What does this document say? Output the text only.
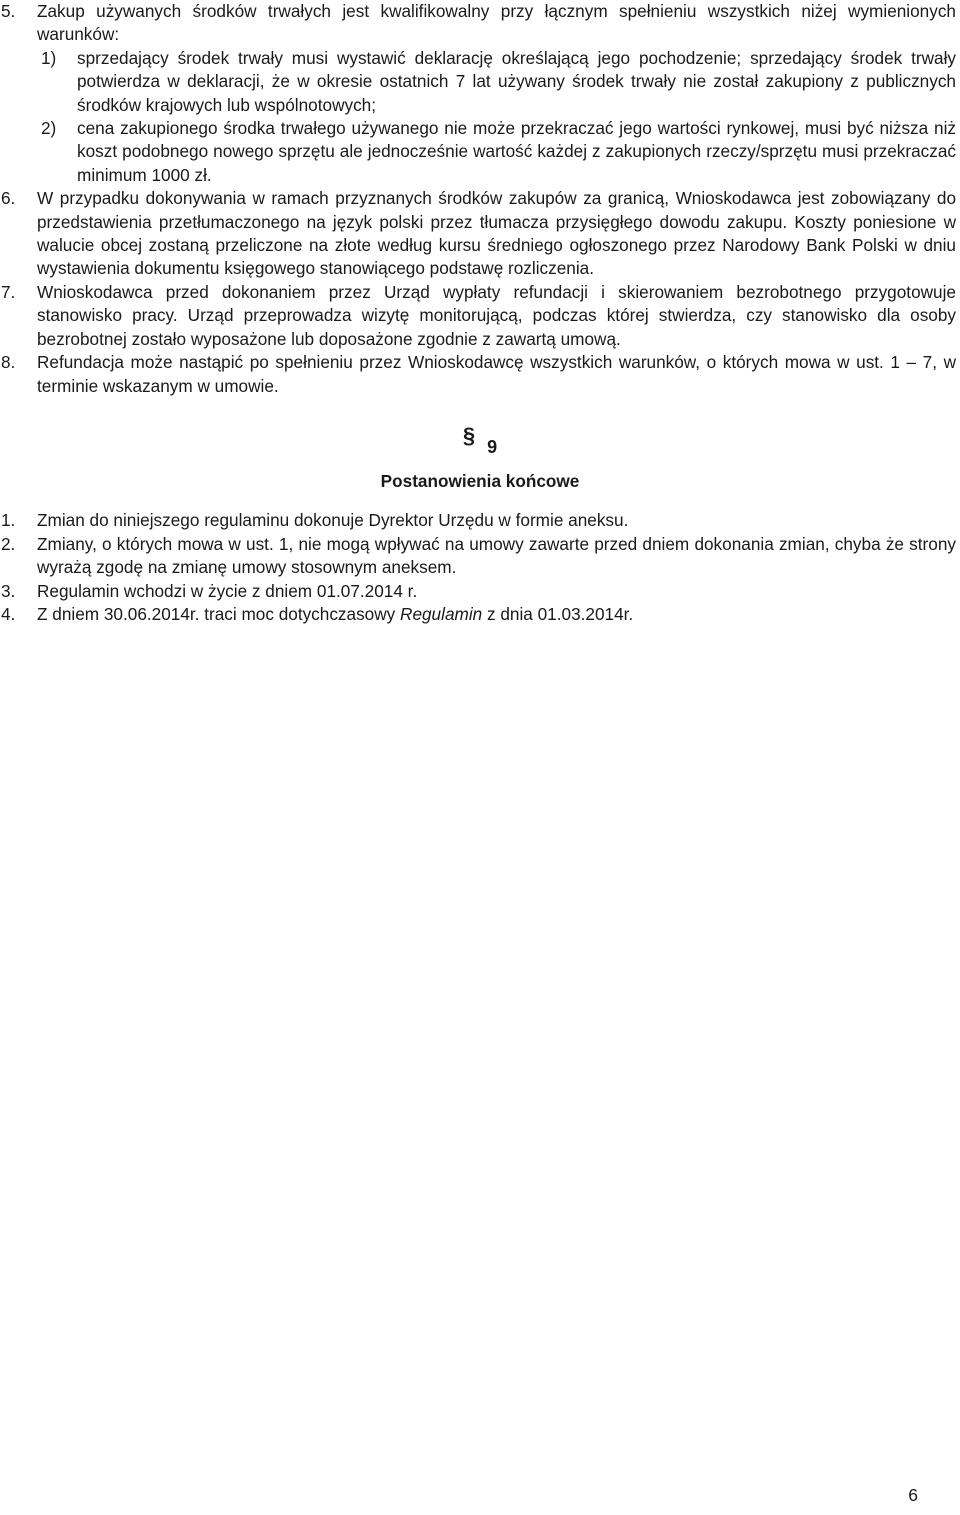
5. Zakup używanych środków trwałych jest kwalifikowalny przy łącznym spełnieniu wszystkich niżej wymienionych warunków:
1) sprzedający środek trwały musi wystawić deklarację określającą jego pochodzenie; sprzedający środek trwały potwierdza w deklaracji, że w okresie ostatnich 7 lat używany środek trwały nie został zakupiony z publicznych środków krajowych lub wspólnotowych;
2) cena zakupionego środka trwałego używanego nie może przekraczać jego wartości rynkowej, musi być niższa niż koszt podobnego nowego sprzętu ale jednocześnie wartość każdej z zakupionych rzeczy/sprzętu musi przekraczać minimum 1000 zł.
6. W przypadku dokonywania w ramach przyznanych środków zakupów za granicą, Wnioskodawca jest zobowiązany do przedstawienia przetłumaczonego na język polski przez tłumacza przysięgłego dowodu zakupu. Koszty poniesione w walucie obcej zostaną przeliczone na złote według kursu średniego ogłoszonego przez Narodowy Bank Polski w dniu wystawienia dokumentu księgowego stanowiącego podstawę rozliczenia.
7. Wnioskodawca przed dokonaniem przez Urząd wypłaty refundacji i skierowaniem bezrobotnego przygotowuje stanowisko pracy. Urząd przeprowadza wizytę monitorującą, podczas której stwierdza, czy stanowisko dla osoby bezrobotnej zostało wyposażone lub doposażone zgodnie z zawartą umową.
8. Refundacja może nastąpić po spełnieniu przez Wnioskodawcę wszystkich warunków, o których mowa w ust. 1 – 7, w terminie wskazanym w umowie.
§ 9
Postanowienia końcowe
1. Zmian do niniejszego regulaminu dokonuje Dyrektor Urzędu w formie aneksu.
2. Zmiany, o których mowa w ust. 1, nie mogą wpływać na umowy zawarte przed dniem dokonania zmian, chyba że strony wyrażą zgodę na zmianę umowy stosownym aneksem.
3. Regulamin wchodzi w życie z dniem 01.07.2014 r.
4. Z dniem 30.06.2014r. traci moc dotychczasowy Regulamin z dnia 01.03.2014r.
6
